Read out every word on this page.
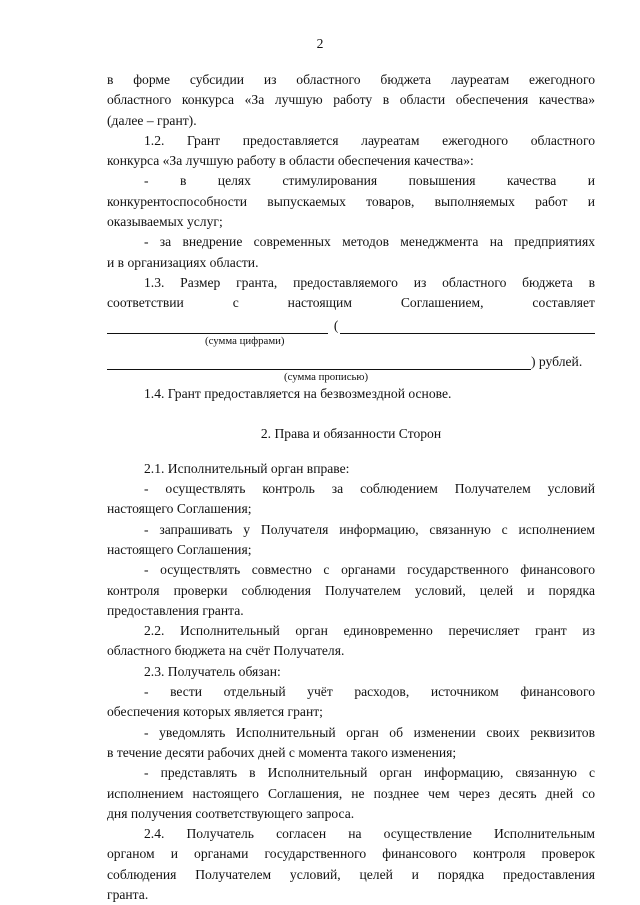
2

в форме субсидии из областного бюджета лауреатам ежегодного

областного конкурса «За лучшую работу в области обеспечения качества»

(далее – грант).

1.2. Грант предоставляется лауреатам ежегодного областного

конкурса «За лучшую работу в области обеспечения качества»:

- в целях стимулирования повышения качества и

конкурентоспособности выпускаемых товаров, выполняемых работ и

оказываемых услуг;

- за внедрение современных методов менеджмента на предприятиях

и в организациях области.

1.3. Размер гранта, предоставляемого из областного бюджета в

соответствии с настоящим Соглашением, составляет

(

(сумма цифрами)

) рублей.

(сумма прописью)

1.4. Грант предоставляется на безвозмездной основе.

2. Права и обязанности Сторон

2.1. Исполнительный орган вправе:

- осуществлять контроль за соблюдением Получателем условий

настоящего Соглашения;

- запрашивать у Получателя информацию, связанную с исполнением

настоящего Соглашения;

- осуществлять совместно с органами государственного финансового

контроля проверки соблюдения Получателем условий, целей и порядка

предоставления гранта.

2.2. Исполнительный орган единовременно перечисляет грант из

областного бюджета на счёт Получателя.

2.3. Получатель обязан:

- вести отдельный учёт расходов, источником финансового

обеспечения которых является грант;

- уведомлять Исполнительный орган об изменении своих реквизитов

в течение десяти рабочих дней с момента такого изменения;

- представлять в Исполнительный орган информацию, связанную с

исполнением настоящего Соглашения, не позднее чем через десять дней со

дня получения соответствующего запроса.

2.4. Получатель согласен на осуществление Исполнительным

органом и органами государственного финансового контроля проверок

соблюдения Получателем условий, целей и порядка предоставления

гранта.
